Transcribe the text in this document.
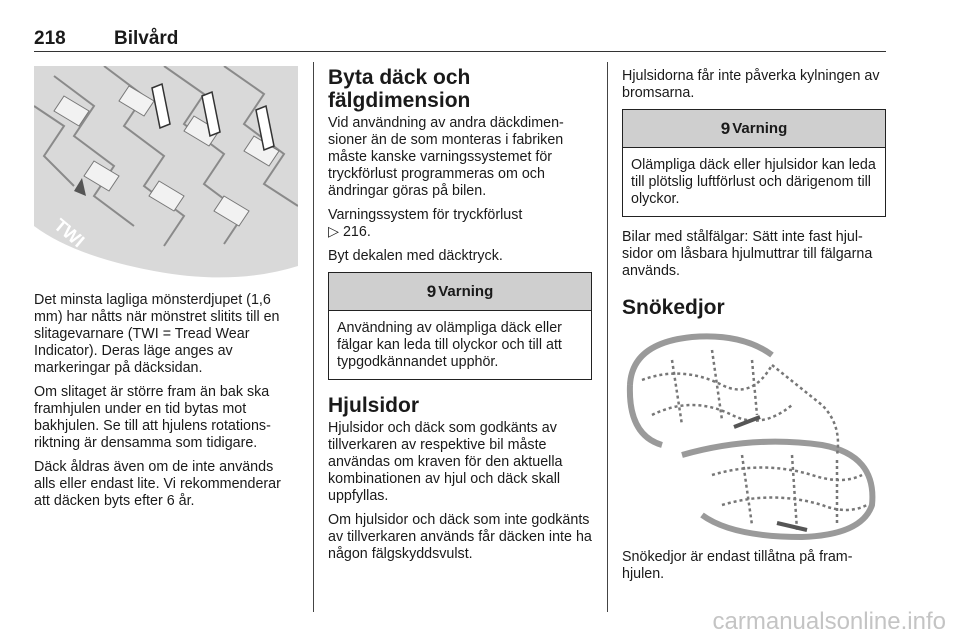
218	Bilvård
TWI

Det minsta lagliga mönsterdjupet (1,6 mm) har nåtts när mönstret slitits till en slitagevarnare (TWI = Tread Wear Indicator). Deras läge anges av markeringar på däcksidan.

Om slitaget är större fram än bak ska framhjulen under en tid bytas mot bakhjulen. Se till att hjulens rotationsriktning är densamma som tidigare.

Däck åldras även om de inte används alls eller endast lite. Vi rekommenderar att däcken byts efter 6 år.

Byta däck och fälgdimension

Vid användning av andra däckdimensioner än de som monteras i fabriken måste kanske varningssystemet för tryckförlust programmeras om och ändringar göras på bilen.

Varningssystem för tryckförlust
▷ 216.

Byt dekalen med däcktryck.

9 Varning
Användning av olämpliga däck eller fälgar kan leda till olyckor och till att typgodkännandet upphör.
Hjulsidor

Hjulsidor och däck som godkänts av tillverkaren av respektive bil måste användas om kraven för den aktuella kombinationen av hjul och däck skall uppfyllas.

Om hjulsidor och däck som inte godkänts av tillverkaren används får däcken inte ha någon fälgskyddsvulst.

Hjulsidorna får inte påverka kylningen av bromsarna.

9 Varning
Olämpliga däck eller hjulsidor kan leda till plötslig luftförlust och därigenom till olyckor.

Bilar med stålfälgar: Sätt inte fast hjulsidor om låsbara hjulmuttrar till fälgarna används.

Snökedjor

Snökedjor är endast tillåtna på framhjulen.

carmanualsonline.info
